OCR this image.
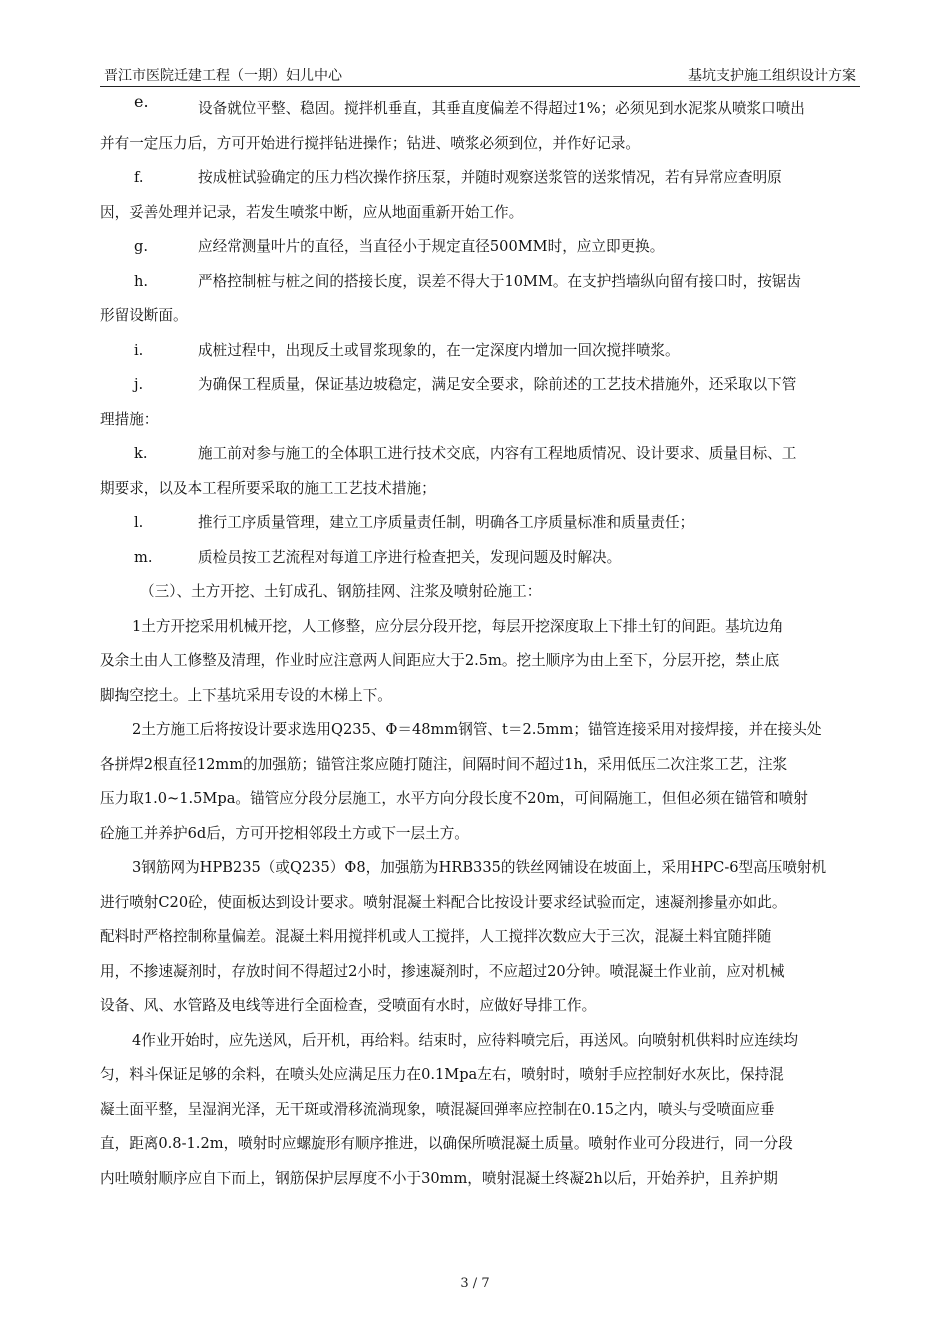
晋江市医院迁建工程（一期）妇儿中心	基坑支护施工组织设计方案
e.	设备就位平整、稳固。搅拌机垂直，其垂直度偏差不得超过1%；必须见到水泥浆从喷浆口喷出

并有一定压力后，方可开始进行搅拌钻进操作；钻进、喷浆必须到位，并作好记录。

f.	按成桩试验确定的压力档次操作挤压泵，并随时观察送浆管的送浆情况，若有异常应查明原

因，妥善处理并记录，若发生喷浆中断，应从地面重新开始工作。

g.	应经常测量叶片的直径，当直径小于规定直径500MM时，应立即更换。
h.	严格控制桩与桩之间的搭接长度，误差不得大于10MM。在支护挡墙纵向留有接口时，按锯齿

形留设断面。

i.	成桩过程中，出现反土或冒浆现象的，在一定深度内增加一回次搅拌喷浆。
j.	为确保工程质量，保证基边坡稳定，满足安全要求，除前述的工艺技术措施外，还采取以下管

理措施：

k.	施工前对参与施工的全体职工进行技术交底，内容有工程地质情况、设计要求、质量目标、工

期要求，以及本工程所要采取的施工工艺技术措施；

l.	推行工序质量管理，建立工序质量责任制，明确各工序质量标准和质量责任；
m.	质检员按工艺流程对每道工序进行检查把关，发现问题及时解决。

（三）、土方开挖、土钉成孔、钢筋挂网、注浆及喷射砼施工：

1土方开挖采用机械开挖，人工修整，应分层分段开挖，每层开挖深度取上下排土钉的间距。基坑边角

及余土由人工修整及清理，作业时应注意两人间距应大于2.5m。挖土顺序为由上至下，分层开挖，禁止底

脚掏空挖土。上下基坑采用专设的木梯上下。

2土方施工后将按设计要求选用Q235、Φ＝48mm钢管、t＝2.5mm；锚管连接采用对接焊接，并在接头处

各拼焊2根直径12mm的加强筋；锚管注浆应随打随注，间隔时间不超过1h，采用低压二次注浆工艺，注浆

压力取1.0~1.5Mpa。锚管应分段分层施工，水平方向分段长度不20m，可间隔施工，但但必须在锚管和喷射

砼施工并养护6d后，方可开挖相邻段土方或下一层土方。

3钢筋网为HPB235（或Q235）Φ8，加强筋为HRB335的铁丝网铺设在坡面上，采用HPC-6型高压喷射机

进行喷射C20砼，使面板达到设计要求。喷射混凝土料配合比按设计要求经试验而定，速凝剂掺量亦如此。

配料时严格控制称量偏差。混凝土料用搅拌机或人工搅拌，人工搅拌次数应大于三次，混凝土料宜随拌随

用，不掺速凝剂时，存放时间不得超过2小时，掺速凝剂时，不应超过20分钟。喷混凝土作业前，应对机械

设备、风、水管路及电线等进行全面检查，受喷面有水时，应做好导排工作。

4作业开始时，应先送风，后开机，再给料。结束时，应待料喷完后，再送风。向喷射机供料时应连续均

匀，料斗保证足够的余料，在喷头处应满足压力在0.1Mpa左右，喷射时，喷射手应控制好水灰比，保持混

凝土面平整，呈湿润光泽，无干斑或滑移流淌现象，喷混凝回弹率应控制在0.15之内，喷头与受喷面应垂

直，距离0.8-1.2m，喷射时应螺旋形有顺序推进，以确保所喷混凝土质量。喷射作业可分段进行，同一分段

内吐喷射顺序应自下而上，钢筋保护层厚度不小于30mm，喷射混凝土终凝2h以后，开始养护，且养护期

3 / 7
